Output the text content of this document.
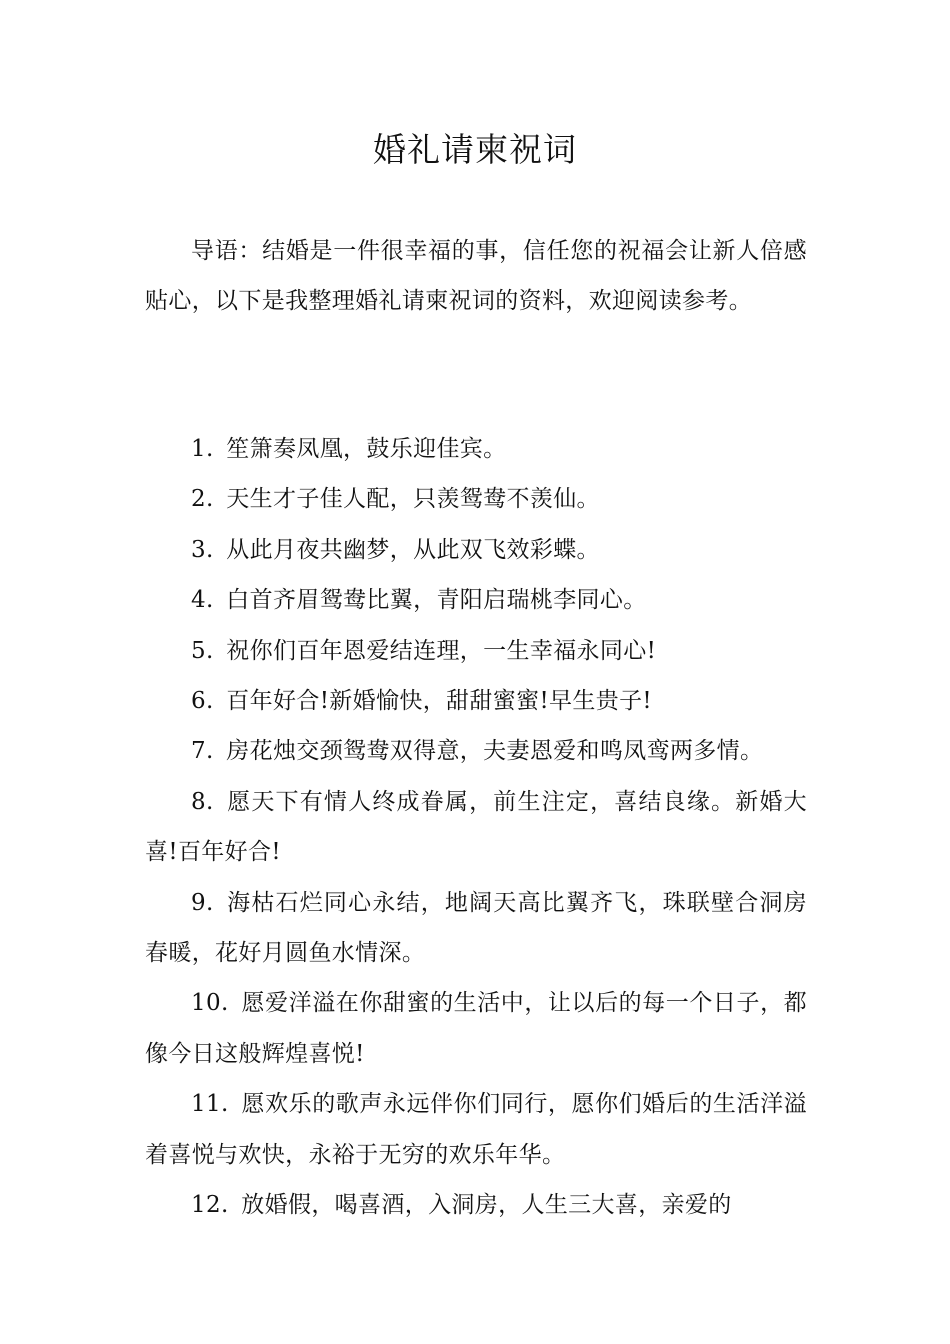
婚礼请柬祝词

导语：结婚是一件很幸福的事，信任您的祝福会让新人倍感贴心，以下是我整理婚礼请柬祝词的资料，欢迎阅读参考。

1. 笙箫奏凤凰，鼓乐迎佳宾。
2. 天生才子佳人配，只羡鸳鸯不羡仙。
3. 从此月夜共幽梦，从此双飞效彩蝶。
4. 白首齐眉鸳鸯比翼，青阳启瑞桃李同心。
5. 祝你们百年恩爱结连理，一生幸福永同心!
6. 百年好合!新婚愉快，甜甜蜜蜜!早生贵子!
7. 房花烛交颈鸳鸯双得意，夫妻恩爱和鸣凤鸾两多情。
8. 愿天下有情人终成眷属，前生注定，喜结良缘。新婚大喜!百年好合!
9. 海枯石烂同心永结，地阔天高比翼齐飞，珠联壁合洞房春暖，花好月圆鱼水情深。
10. 愿爱洋溢在你甜蜜的生活中，让以后的每一个日子，都像今日这般辉煌喜悦!
11. 愿欢乐的歌声永远伴你们同行，愿你们婚后的生活洋溢着喜悦与欢快，永裕于无穷的欢乐年华。
12. 放婚假，喝喜酒，入洞房，人生三大喜，亲爱的
